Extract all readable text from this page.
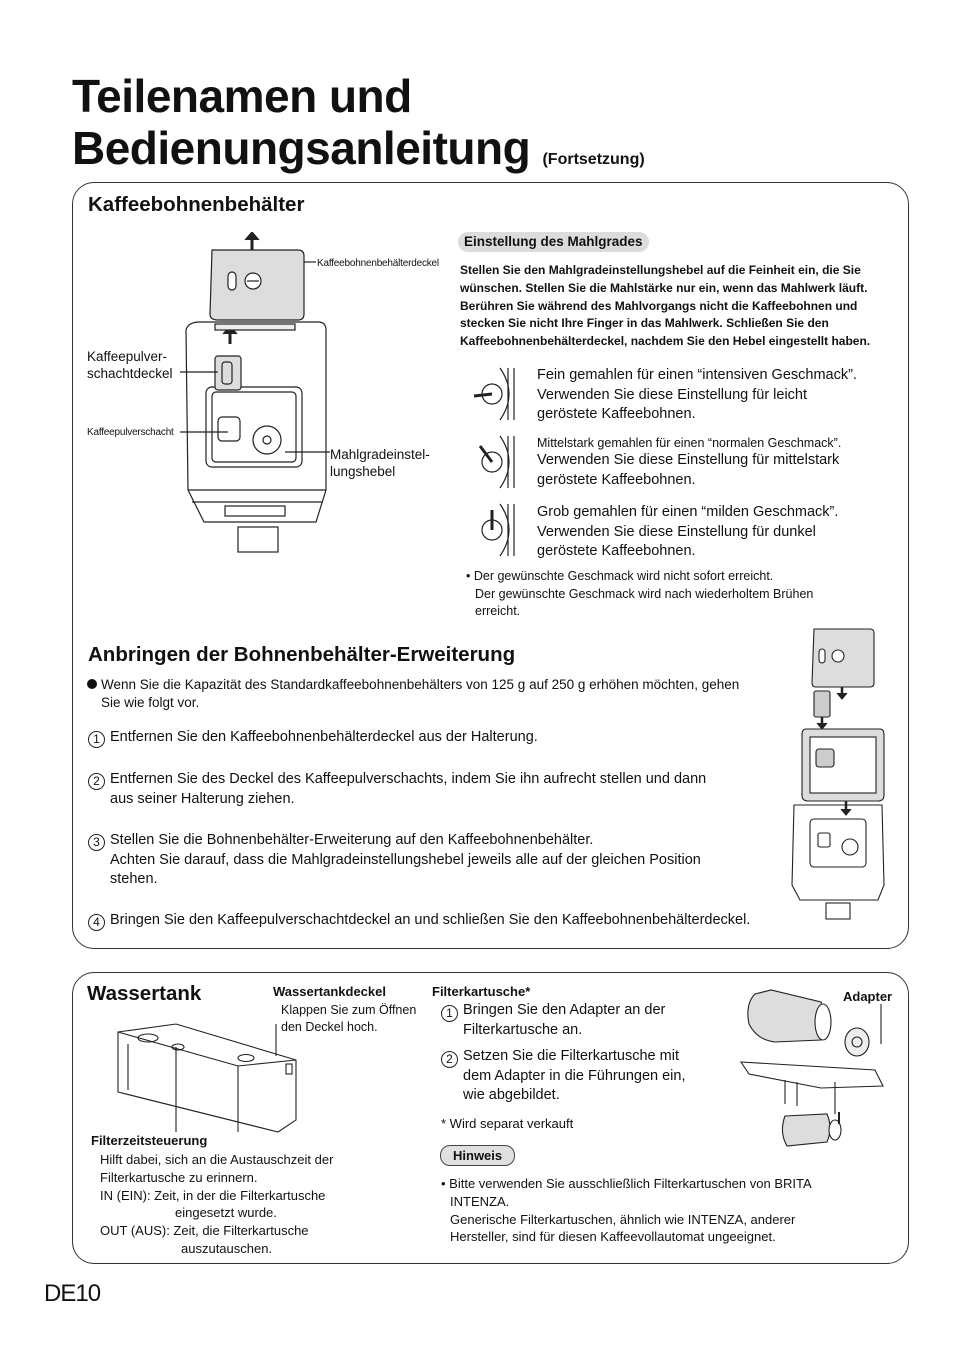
Teilenamen und
Bedienungsanleitung (Fortsetzung)
Kaffeebohnenbehälter
Kaffeebohnenbehälterdeckel
Kaffeepulver-
schachtdeckel
Kaffeepulverschacht
Mahlgradeinstel-
lungshebel
Einstellung des Mahlgrades
Stellen Sie den Mahlgradeinstellungshebel auf die Feinheit ein, die Sie
wünschen. Stellen Sie die Mahlstärke nur ein, wenn das Mahlwerk läuft.
Berühren Sie während des Mahlvorgangs nicht die Kaffeebohnen und
stecken Sie nicht Ihre Finger in das Mahlwerk. Schließen Sie den
Kaffeebohnenbehälterdeckel, nachdem Sie den Hebel eingestellt haben.
Fein gemahlen für einen “intensiven Geschmack”.
Verwenden Sie diese Einstellung für leicht
geröstete Kaffeebohnen.
Mittelstark gemahlen für einen “normalen Geschmack”.
Verwenden Sie diese Einstellung für mittelstark
geröstete Kaffeebohnen.
Grob gemahlen für einen “milden Geschmack”.
Verwenden Sie diese Einstellung für dunkel
geröstete Kaffeebohnen.
• Der gewünschte Geschmack wird nicht sofort erreicht.
Der gewünschte Geschmack wird nach wiederholtem Brühen
erreicht.
Anbringen der Bohnenbehälter-Erweiterung
Wenn Sie die Kapazität des Standardkaffeebohnenbehälters von 125 g auf 250 g erhöhen möchten, gehen
Sie wie folgt vor.
1 Entfernen Sie den Kaffeebohnenbehälterdeckel aus der Halterung.
2 Entfernen Sie des Deckel des Kaffeepulverschachts, indem Sie ihn aufrecht stellen und dann
aus seiner Halterung ziehen.
3 Stellen Sie die Bohnenbehälter-Erweiterung auf den Kaffeebohnenbehälter.
Achten Sie darauf, dass die Mahlgradeinstellungshebel jeweils alle auf der gleichen Position
stehen.
4 Bringen Sie den Kaffeepulverschachtdeckel an und schließen Sie den Kaffeebohnenbehälterdeckel.
Wassertank	Wassertankdeckel
Klappen Sie zum Öffnen
den Deckel hoch.
Filterzeitsteuerung
Hilft dabei, sich an die Austauschzeit der
Filterkartusche zu erinnern.
IN (EIN): Zeit, in der die Filterkartusche
eingesetzt wurde.
OUT (AUS): Zeit, die Filterkartusche
auszutauschen.
Filterkartusche*
1 Bringen Sie den Adapter an der
Filterkartusche an.
2 Setzen Sie die Filterkartusche mit
dem Adapter in die Führungen ein,
wie abgebildet.
* Wird separat verkauft
Hinweis
• Bitte verwenden Sie ausschließlich Filterkartuschen von BRITA
INTENZA.
Generische Filterkartuschen, ähnlich wie INTENZA, anderer
Hersteller, sind für diesen Kaffeevollautomat ungeeignet.
Adapter
DE10
